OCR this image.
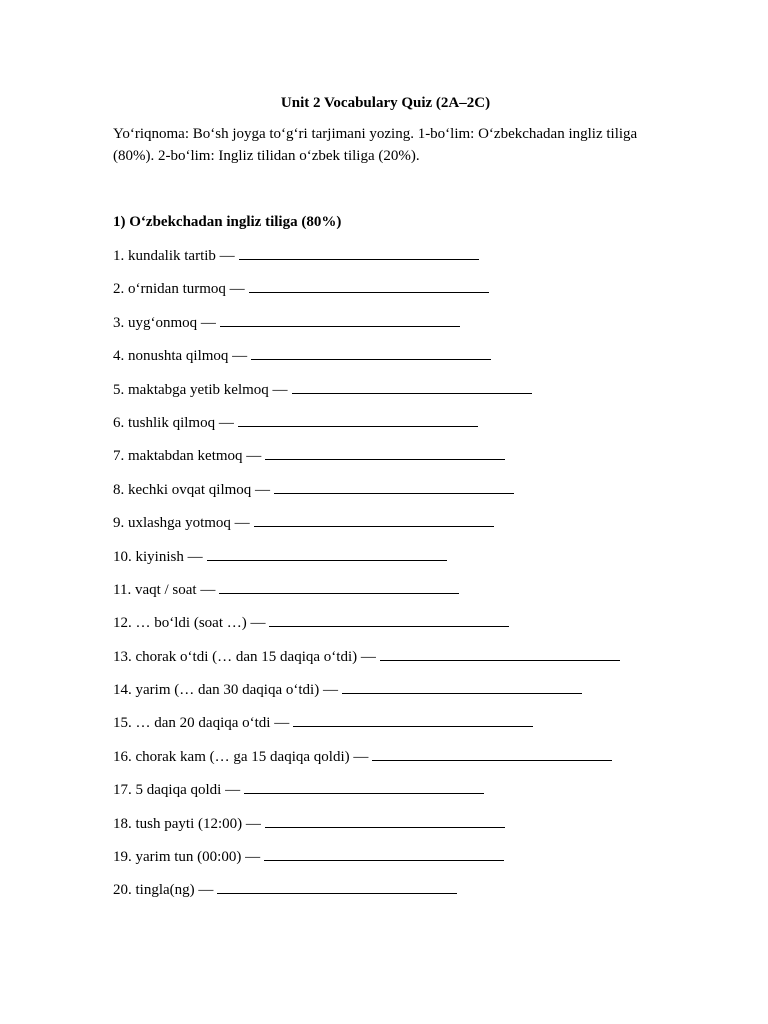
Unit 2 Vocabulary Quiz (2A–2C)

Yo‘riqnoma: Bo‘sh joyga to‘g‘ri tarjimani yozing. 1-bo‘lim: O‘zbekchadan ingliz tiliga (80%). 2-bo‘lim: Ingliz tilidan o‘zbek tiliga (20%).

1) O‘zbekchadan ingliz tiliga (80%)
1. kundalik tartib —
2. o‘rnidan turmoq —
3. uyg‘onmoq —
4. nonushta qilmoq —
5. maktabga yetib kelmoq —
6. tushlik qilmoq —
7. maktabdan ketmoq —
8. kechki ovqat qilmoq —
9. uxlashga yotmoq —
10. kiyinish —
11. vaqt / soat —
12. … bo‘ldi (soat …) —
13. chorak o‘tdi (… dan 15 daqiqa o‘tdi) —
14. yarim (… dan 30 daqiqa o‘tdi) —
15. … dan 20 daqiqa o‘tdi —
16. chorak kam (… ga 15 daqiqa qoldi) —
17. 5 daqiqa qoldi —
18. tush payti (12:00) —
19. yarim tun (00:00) —
20. tingla(ng) —
